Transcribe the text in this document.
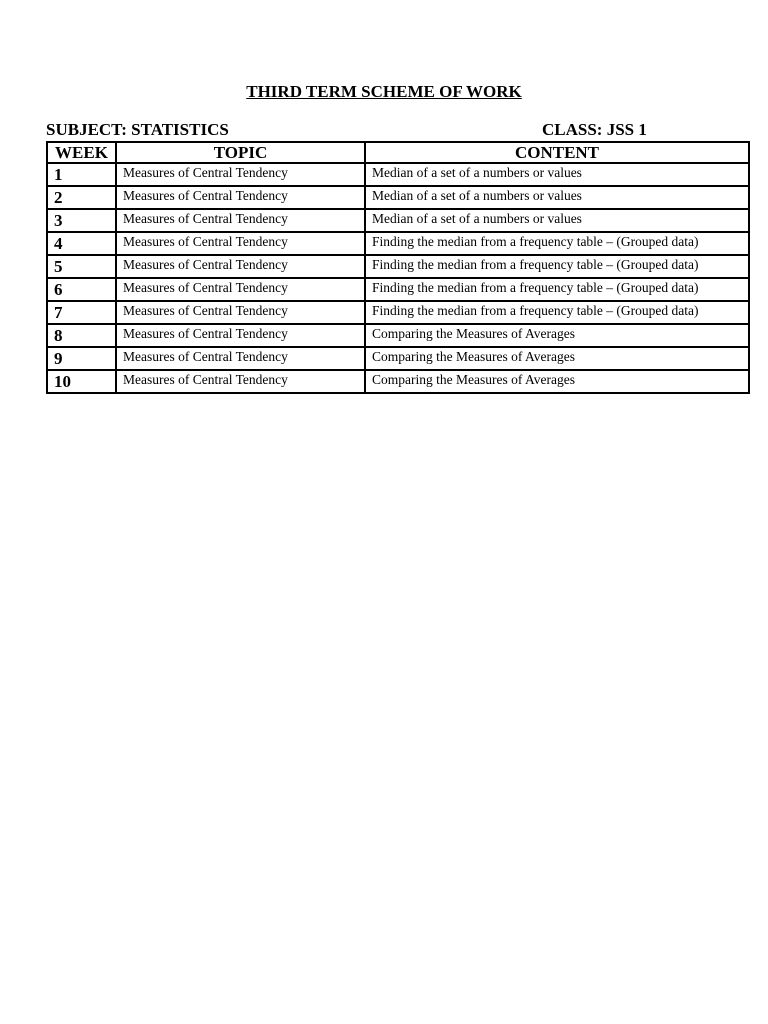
THIRD TERM SCHEME OF WORK
SUBJECT: STATISTICS	CLASS: JSS 1
WEEK	TOPIC	CONTENT
1	Measures of Central Tendency	Median of a set of a numbers or values
2	Measures of Central Tendency	Median of a set of a numbers or values
3	Measures of Central Tendency	Median of a set of a numbers or values
4	Measures of Central Tendency	Finding the median from a frequency table – (Grouped data)
5	Measures of Central Tendency	Finding the median from a frequency table – (Grouped data)
6	Measures of Central Tendency	Finding the median from a frequency table – (Grouped data)
7	Measures of Central Tendency	Finding the median from a frequency table – (Grouped data)
8	Measures of Central Tendency	Comparing the Measures of Averages
9	Measures of Central Tendency	Comparing the Measures of Averages
10	Measures of Central Tendency	Comparing the Measures of Averages
